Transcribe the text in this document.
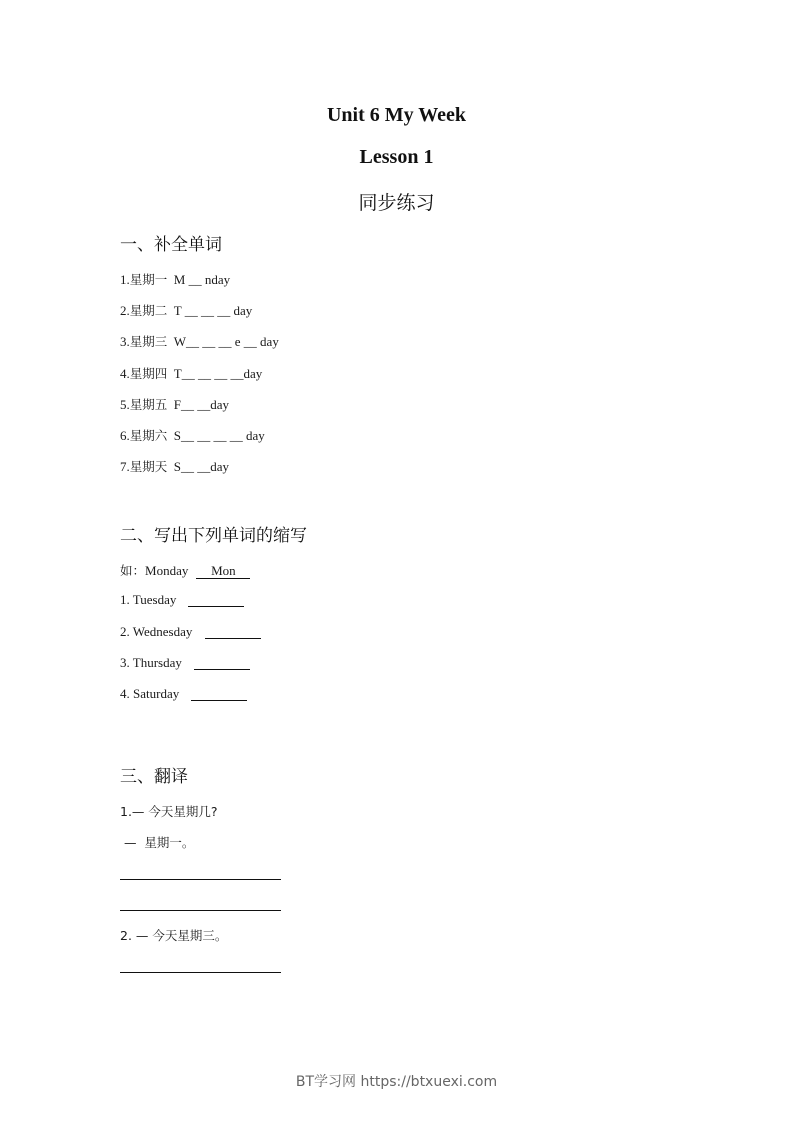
Unit 6 My Week
Lesson 1
同步练习
一、补全单词
1.星期一 M __ nday
2.星期二 T __ __ __ day
3.星期三 W__ __ __ e __ day
4.星期四 T__ __ __ __day
5.星期五 F__ __day
6.星期六 S__ __ __ __ day
7.星期天 S__ __day
二、写出下列单词的缩写
如：Monday Mon
1. Tuesday
2. Wednesday
3. Thursday
4. Saturday
三、翻译
1.— 今天星期几?
—  星期一。
2. — 今天星期三。
BT学习网 https://btxuexi.com
